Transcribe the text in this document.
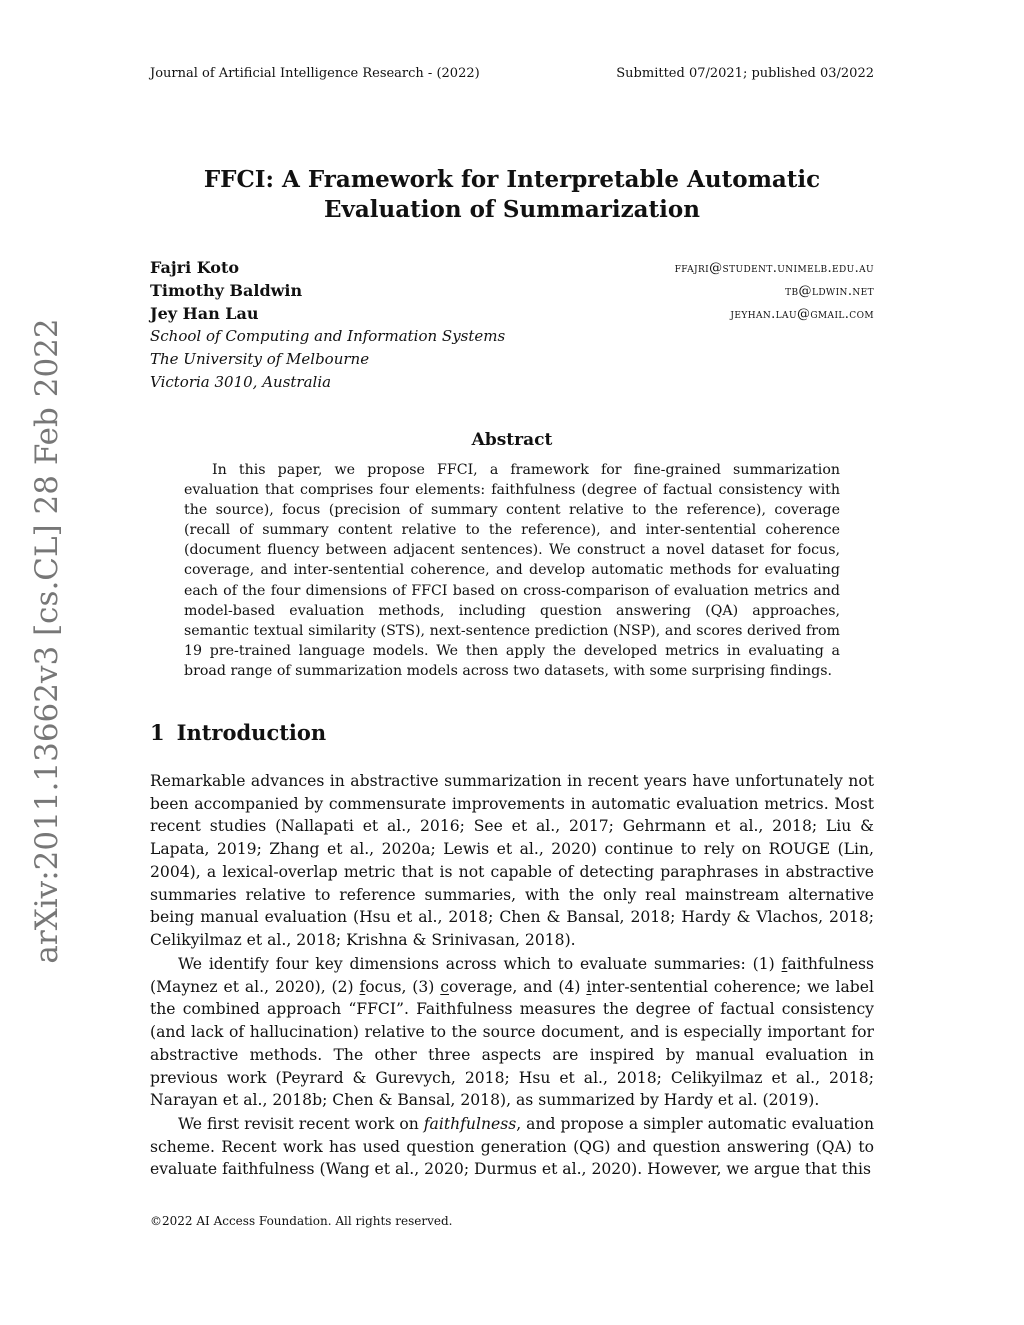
Journal of Artificial Intelligence Research - (2022)	Submitted 07/2021; published 03/2022
arXiv:2011.13662v3 [cs.CL] 28 Feb 2022
FFCI: A Framework for Interpretable Automatic
Evaluation of Summarization
Fajri Koto	ffajri@student.unimelb.edu.au
Timothy Baldwin	tb@ldwin.net
Jey Han Lau	jeyhan.lau@gmail.com
School of Computing and Information Systems
The University of Melbourne
Victoria 3010, Australia
Abstract

In this paper, we propose FFCI, a framework for fine-grained summarization evaluation that comprises four elements: faithfulness (degree of factual consistency with the source), focus (precision of summary content relative to the reference), coverage (recall of summary content relative to the reference), and inter-sentential coherence (document fluency between adjacent sentences). We construct a novel dataset for focus, coverage, and inter-sentential coherence, and develop automatic methods for evaluating each of the four dimensions of FFCI based on cross-comparison of evaluation metrics and model-based evaluation methods, including question answering (QA) approaches, semantic textual similarity (STS), next-sentence prediction (NSP), and scores derived from 19 pre-trained language models. We then apply the developed metrics in evaluating a broad range of summarization models across two datasets, with some surprising findings.

1 Introduction

Remarkable advances in abstractive summarization in recent years have unfortunately not been accompanied by commensurate improvements in automatic evaluation metrics. Most recent studies (Nallapati et al., 2016; See et al., 2017; Gehrmann et al., 2018; Liu & Lapata, 2019; Zhang et al., 2020a; Lewis et al., 2020) continue to rely on ROUGE (Lin, 2004), a lexical-overlap metric that is not capable of detecting paraphrases in abstractive summaries relative to reference summaries, with the only real mainstream alternative being manual evaluation (Hsu et al., 2018; Chen & Bansal, 2018; Hardy & Vlachos, 2018; Celikyilmaz et al., 2018; Krishna & Srinivasan, 2018).

We identify four key dimensions across which to evaluate summaries: (1) faithfulness (Maynez et al., 2020), (2) focus, (3) coverage, and (4) inter-sentential coherence; we label the combined approach “FFCI”. Faithfulness measures the degree of factual consistency (and lack of hallucination) relative to the source document, and is especially important for abstractive methods. The other three aspects are inspired by manual evaluation in previous work (Peyrard & Gurevych, 2018; Hsu et al., 2018; Celikyilmaz et al., 2018; Narayan et al., 2018b; Chen & Bansal, 2018), as summarized by Hardy et al. (2019).

We first revisit recent work on faithfulness, and propose a simpler automatic evaluation scheme. Recent work has used question generation (QG) and question answering (QA) to evaluate faithfulness (Wang et al., 2020; Durmus et al., 2020). However, we argue that this

©2022 AI Access Foundation. All rights reserved.
